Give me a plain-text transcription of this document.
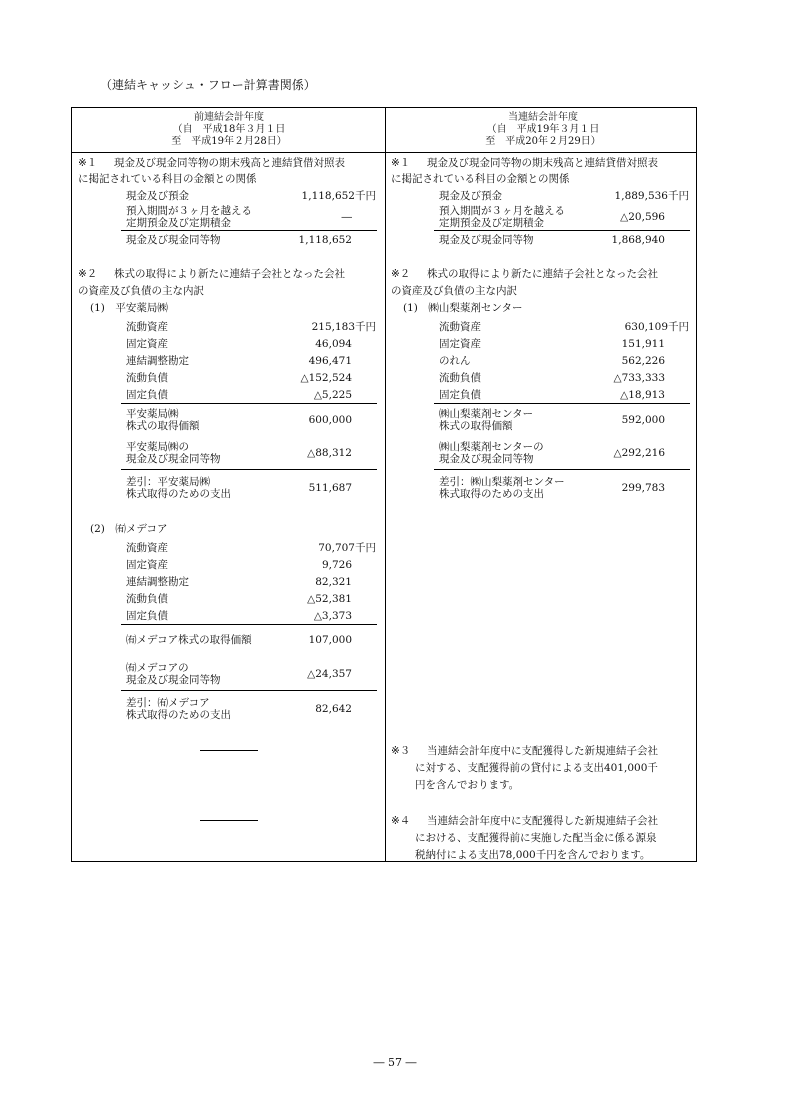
（連結キャッシュ・フロー計算書関係）
前連結会計年度
（自　平成18年３月１日
至　平成19年２月28日）
当連結会計年度
（自　平成19年３月１日
至　平成20年２月29日）
※１ 現金及び現金同等物の期末残高と連結貸借対照表
に掲記されている科目の金額との関係
現金及び預金	1,118,652千円
預入期間が３ヶ月を越える
定期預金及び定期積金	―
現金及び現金同等物	1,118,652
※２ 株式の取得により新たに連結子会社となった会社
の資産及び負債の主な内訳
(1)　平安薬局㈱
流動資産	215,183千円
固定資産	46,094
連結調整勘定	496,471
流動負債	△152,524
固定負債	△5,225
平安薬局㈱
株式の取得価額	600,000
平安薬局㈱の
現金及び現金同等物	△88,312
差引：平安薬局㈱
株式取得のための支出	511,687
(2)　㈲メデコア
流動資産	70,707千円
固定資産	9,726
連結調整勘定	82,321
流動負債	△52,381
固定負債	△3,373
㈲メデコア株式の取得価額	107,000
㈲メデコアの
現金及び現金同等物	△24,357
差引：㈲メデコア
株式取得のための支出	82,642
※１ 現金及び現金同等物の期末残高と連結貸借対照表
に掲記されている科目の金額との関係
現金及び預金	1,889,536千円
預入期間が３ヶ月を越える
定期預金及び定期積金	△20,596
現金及び現金同等物	1,868,940
※２ 株式の取得により新たに連結子会社となった会社
の資産及び負債の主な内訳
(1)　㈱山梨薬剤センター
流動資産	630,109千円
固定資産	151,911
のれん	562,226
流動負債	△733,333
固定負債	△18,913
㈱山梨薬剤センター
株式の取得価額	592,000
㈱山梨薬剤センターの
現金及び現金同等物	△292,216
差引：㈱山梨薬剤センター
株式取得のための支出	299,783
※３ 当連結会計年度中に支配獲得した新規連結子会社
に対する、支配獲得前の貸付による支出401,000千
円を含んでおります。
※４ 当連結会計年度中に支配獲得した新規連結子会社
における、支配獲得前に実施した配当金に係る源泉
税納付による支出78,000千円を含んでおります。
― 57 ―
